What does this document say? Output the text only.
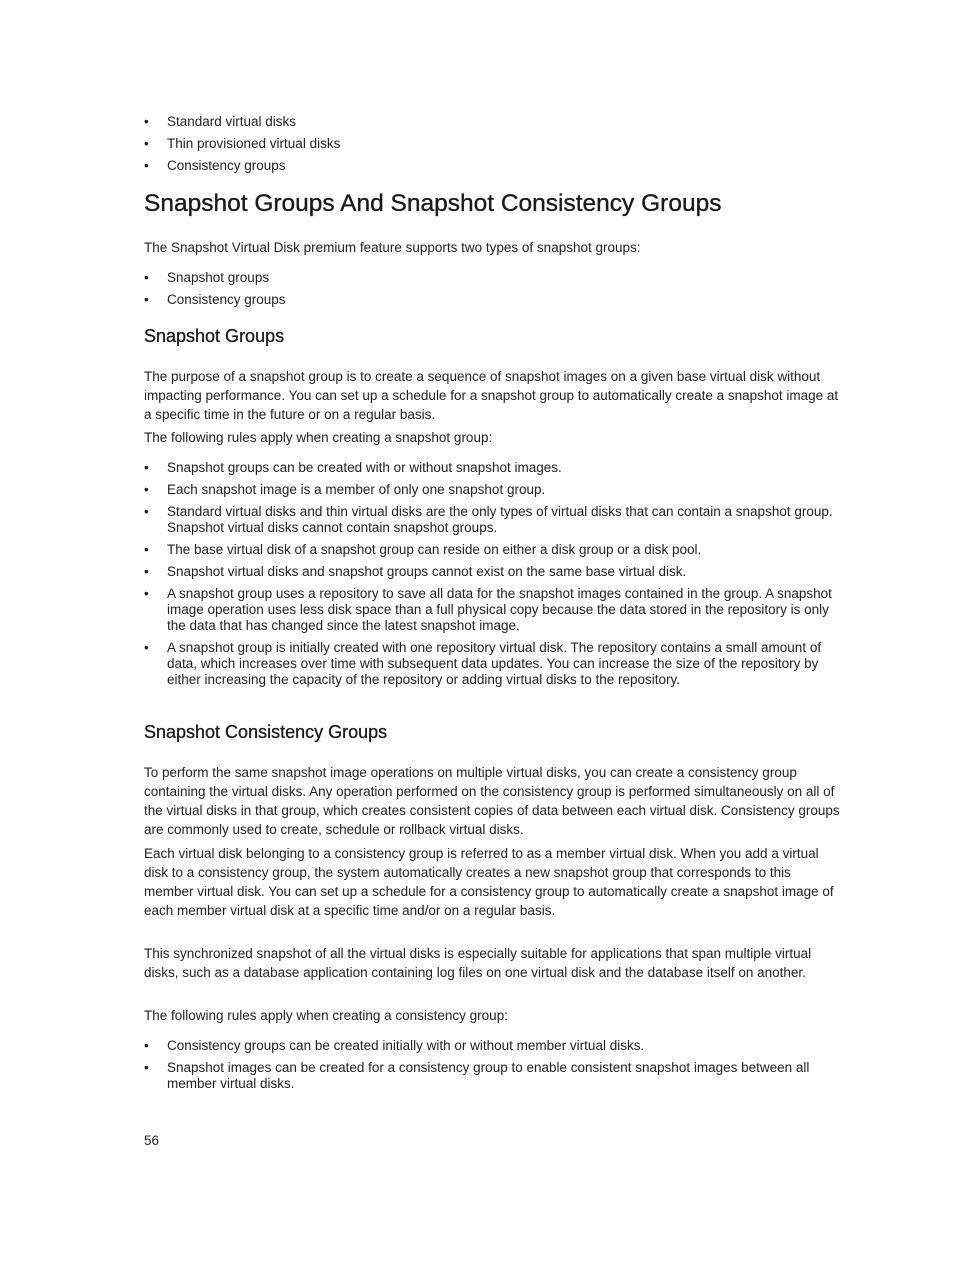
• Standard virtual disks
• Thin provisioned virtual disks
• Consistency groups
Snapshot Groups And Snapshot Consistency Groups

The Snapshot Virtual Disk premium feature supports two types of snapshot groups:

• Snapshot groups
• Consistency groups
Snapshot Groups

The purpose of a snapshot group is to create a sequence of snapshot images on a given base virtual disk without impacting performance. You can set up a schedule for a snapshot group to automatically create a snapshot image at a specific time in the future or on a regular basis.

The following rules apply when creating a snapshot group:

• Snapshot groups can be created with or without snapshot images.
• Each snapshot image is a member of only one snapshot group.
• Standard virtual disks and thin virtual disks are the only types of virtual disks that can contain a snapshot group. Snapshot virtual disks cannot contain snapshot groups.
• The base virtual disk of a snapshot group can reside on either a disk group or a disk pool.
• Snapshot virtual disks and snapshot groups cannot exist on the same base virtual disk.
• A snapshot group uses a repository to save all data for the snapshot images contained in the group. A snapshot image operation uses less disk space than a full physical copy because the data stored in the repository is only the data that has changed since the latest snapshot image.
• A snapshot group is initially created with one repository virtual disk. The repository contains a small amount of data, which increases over time with subsequent data updates. You can increase the size of the repository by either increasing the capacity of the repository or adding virtual disks to the repository.
Snapshot Consistency Groups

To perform the same snapshot image operations on multiple virtual disks, you can create a consistency group containing the virtual disks. Any operation performed on the consistency group is performed simultaneously on all of the virtual disks in that group, which creates consistent copies of data between each virtual disk. Consistency groups are commonly used to create, schedule or rollback virtual disks.

Each virtual disk belonging to a consistency group is referred to as a member virtual disk. When you add a virtual disk to a consistency group, the system automatically creates a new snapshot group that corresponds to this member virtual disk. You can set up a schedule for a consistency group to automatically create a snapshot image of each member virtual disk at a specific time and/or on a regular basis.

This synchronized snapshot of all the virtual disks is especially suitable for applications that span multiple virtual disks, such as a database application containing log files on one virtual disk and the database itself on another.

The following rules apply when creating a consistency group:

• Consistency groups can be created initially with or without member virtual disks.
• Snapshot images can be created for a consistency group to enable consistent snapshot images between all member virtual disks.
56
